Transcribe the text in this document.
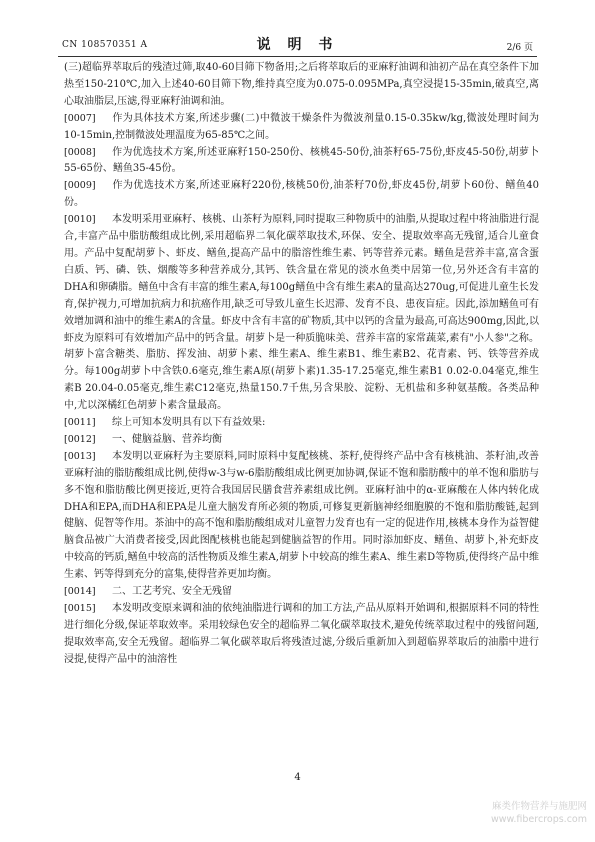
CN 108570351 A	说 明 书	2/6 页

(三)超临界萃取后的残渣过筛,取40-60目筛下物备用;之后将萃取后的亚麻籽油调和油初产品在真空条件下加热至150-210℃,加入上述40-60目筛下物,维持真空度为0.075-0.095MPa,真空浸提15-35min,破真空,离心取油脂层,压滤,得亚麻籽油调和油。

[0007] 作为具体技术方案,所述步骤(二)中微波干燥条件为微波剂量0.15-0.35kw/kg,微波处理时间为10-15min,控制微波处理温度为65-85℃之间。

[0008] 作为优选技术方案,所述亚麻籽150-250份、核桃45-50份,油茶籽65-75份,虾皮45-50份,胡萝卜55-65份、鳝鱼35-45份。

[0009] 作为优选技术方案,所述亚麻籽220份,核桃50份,油茶籽70份,虾皮45份,胡萝卜60份、鳝鱼40份。

[0010] 本发明采用亚麻籽、核桃、山茶籽为原料,同时提取三种物质中的油脂,从提取过程中将油脂进行混合,丰富产品中脂肪酸组成比例,采用超临界二氧化碳萃取技术,环保、安全、提取效率高无残留,适合儿童食用。产品中复配胡萝卜、虾皮、鳝鱼,提高产品中的脂溶性维生素、钙等营养元素。鳝鱼是营养丰富,富含蛋白质、钙、磷、铁、烟酸等多种营养成分,其钙、铁含量在常见的淡水鱼类中居第一位,另外还含有丰富的DHA和卵磷脂。鳝鱼中含有丰富的维生素A,每100g鳝鱼中含有维生素A的量高达270ug,可促进儿童生长发育,保护视力,可增加抗病力和抗癌作用,缺乏可导致儿童生长迟滞、发育不良、患夜盲症。因此,添加鳝鱼可有效增加调和油中的维生素A的含量。虾皮中含有丰富的矿物质,其中以钙的含量为最高,可高达900mg,因此,以虾皮为原料可有效增加产品中的钙含量。胡萝卜是一种质脆味美、营养丰富的家常蔬菜,素有"小人参"之称。胡萝卜富含糖类、脂肪、挥发油、胡萝卜素、维生素A、维生素B1、维生素B2、花青素、钙、铁等营养成分。每100g胡萝卜中含铁0.6毫克,维生素A原(胡萝卜素)1.35-17.25毫克,维生素B1 0.02-0.04毫克,维生素B 20.04-0.05毫克,维生素C12毫克,热量150.7千焦,另含果胶、淀粉、无机盐和多种氨基酸。各类品种中,尤以深橘红色胡萝卜素含量最高。

[0011] 综上可知本发明具有以下有益效果:

[0012] 一、健脑益脑、营养均衡

[0013] 本发明以亚麻籽为主要原料,同时原料中复配核桃、茶籽,使得终产品中含有核桃油、茶籽油,改善亚麻籽油的脂肪酸组成比例,使得w-3与w-6脂肪酸组成比例更加协调,保证不饱和脂肪酸中的单不饱和脂肪与多不饱和脂肪酸比例更接近,更符合我国居民膳食营养素组成比例。亚麻籽油中的α-亚麻酸在人体内转化成DHA和EPA,而DHA和EPA是儿童大脑发育所必须的物质,可修复更新脑神经细胞膜的不饱和脂肪酸链,起到健脑、促智等作用。茶油中的高不饱和脂肪酸组成对儿童智力发育也有一定的促进作用,核桃本身作为益智健脑食品被广大消费者接受,因此图配核桃也能起到健脑益智的作用。同时添加虾皮、鳝鱼、胡萝卜,补充虾皮中较高的钙质,鳝鱼中较高的活性物质及维生素A,胡萝卜中较高的维生素A、维生素D等物质,使得终产品中维生素、钙等得到充分的富集,使得营养更加均衡。

[0014] 二、工艺考究、安全无残留

[0015] 本发明改变原来调和油的依纯油脂进行调和的加工方法,产品从原料开始调和,根据原料不同的特性进行细化分级,保证萃取效率。采用较绿色安全的超临界二氧化碳萃取技术,避免传统萃取过程中的残留问题,提取效率高,安全无残留。超临界二氧化碳萃取后将残渣过滤,分级后重新加入到超临界萃取后的油脂中进行浸提,使得产品中的油溶性

4
麻类作物营养与施肥网
www.fibercrops.com
